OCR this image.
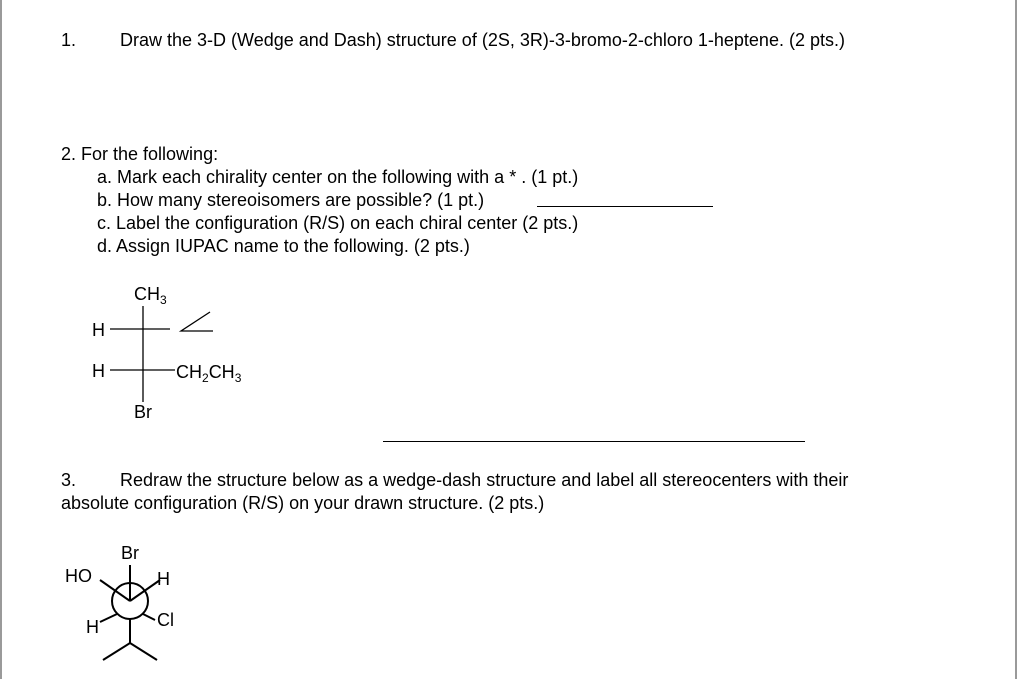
1. Draw the 3-D (Wedge and Dash) structure of (2S, 3R)-3-bromo-2-chloro 1-heptene. (2 pts.)
2. For the following:
a. Mark each chirality center on the following with a * . (1 pt.)
b. How many stereoisomers are possible? (1 pt.)
c. Label the configuration (R/S) on each chiral center (2 pts.)
d. Assign IUPAC name to the following. (2 pts.)
$CH_3$
H
H	$CH_2CH_3$
Br
3. Redraw the structure below as a wedge-dash structure and label all stereocenters with their
absolute configuration (R/S) on your drawn structure. (2 pts.)
Br
HO	H
H	Cl
